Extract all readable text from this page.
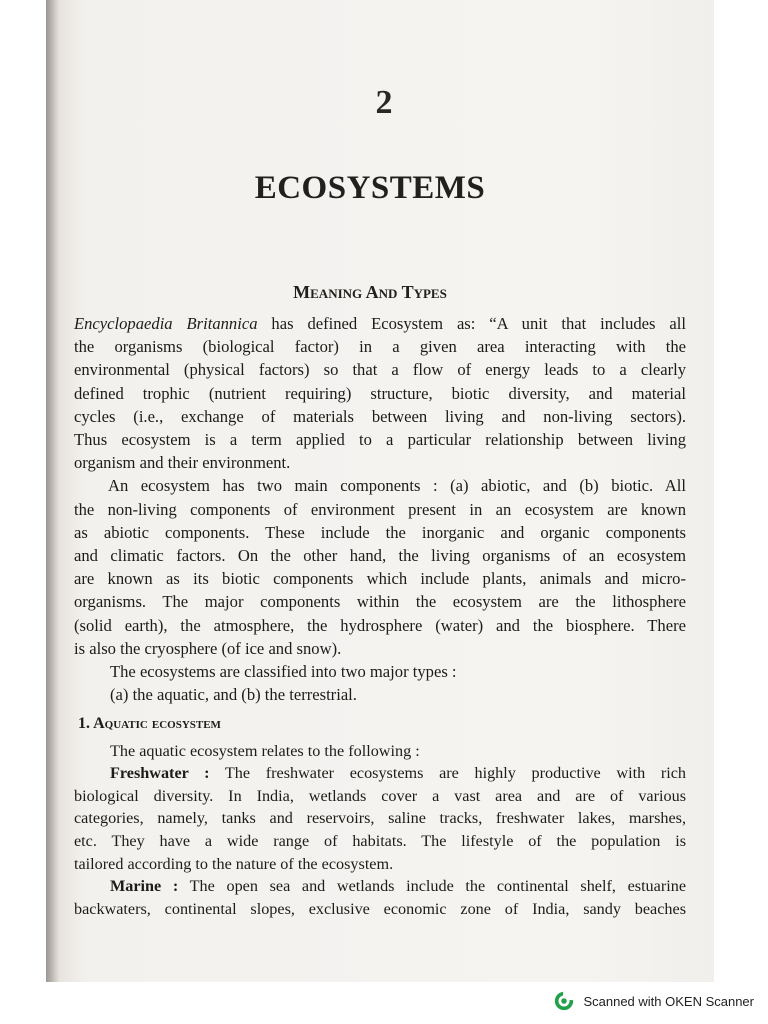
2
ECOSYSTEMS
Meaning And Types
Encyclopaedia Britannica has defined Ecosystem as: “A unit that includes all
the organisms (biological factor) in a given area interacting with the
environmental (physical factors) so that a flow of energy leads to a clearly
defined trophic (nutrient requiring) structure, biotic diversity, and material
cycles (i.e., exchange of materials between living and non-living sectors).
Thus ecosystem is a term applied to a particular relationship between living
organism and their environment.
An ecosystem has two main components : (a) abiotic, and (b) biotic. All
the non-living components of environment present in an ecosystem are known
as abiotic components. These include the inorganic and organic components
and climatic factors. On the other hand, the living organisms of an ecosystem
are known as its biotic components which include plants, animals and micro-
organisms. The major components within the ecosystem are the lithosphere
(solid earth), the atmosphere, the hydrosphere (water) and the biosphere. There
is also the cryosphere (of ice and snow).
The ecosystems are classified into two major types :
(a) the aquatic, and (b) the terrestrial.
1. Aquatic ecosystem
The aquatic ecosystem relates to the following :
Freshwater : The freshwater ecosystems are highly productive with rich
biological diversity. In India, wetlands cover a vast area and are of various
categories, namely, tanks and reservoirs, saline tracks, freshwater lakes, marshes,
etc. They have a wide range of habitats. The lifestyle of the population is
tailored according to the nature of the ecosystem.
Marine : The open sea and wetlands include the continental shelf, estuarine
backwaters, continental slopes, exclusive economic zone of India, sandy beaches
Scanned with OKEN Scanner
